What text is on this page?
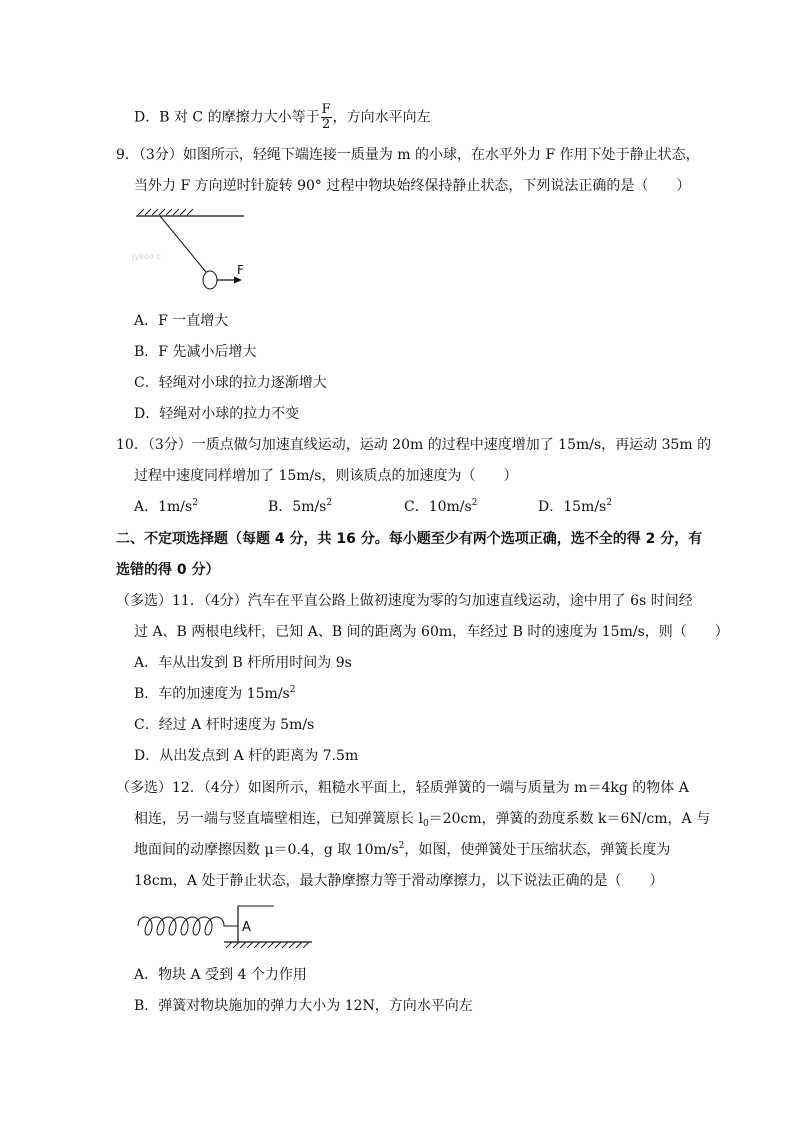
D．B 对 C 的摩擦力大小等于 $\frac{F}{2}$ ，方向水平向左
9．（3分）如图所示，轻绳下端连接一质量为 m 的小球，在水平外力 F 作用下处于静止状态，
当外力 F 方向逆时针旋转 90° 过程中物块始终保持静止状态，下列说法正确的是（　　）
F
jyeoo.c
A．F 一直增大
B．F 先减小后增大
C．轻绳对小球的拉力逐渐增大
D．轻绳对小球的拉力不变
10．（3分）一质点做匀加速直线运动，运动 20m 的过程中速度增加了 15m/s，再运动 35m 的
过程中速度同样增加了 15m/s，则该质点的加速度为（　　）
A．$1m/s^2$	B．$5m/s^2$	C．$10m/s^2$	D．$15m/s^2$
二、不定项选择题（每题 4 分，共 16 分。每小题至少有两个选项正确，选不全的得 2 分，有
选错的得 0 分）
（多选）11．（4分）汽车在平直公路上做初速度为零的匀加速直线运动，途中用了 6s 时间经
过 A、B 两根电线杆，已知 A、B 间的距离为 60m，车经过 B 时的速度为 15m/s，则（　　）
A．车从出发到 B 杆所用时间为 9s
B．车的加速度为 $15m/s^2$
C．经过 A 杆时速度为 5m/s
D．从出发点到 A 杆的距离为 7.5m
（多选）12．（4分）如图所示，粗糙水平面上，轻质弹簧的一端与质量为 m＝4kg 的物体 A
相连，另一端与竖直墙壁相连，已知弹簧原长 $l_0=20cm$，弹簧的劲度系数 k＝6N/cm，A 与
地面间的动摩擦因数 μ＝0.4，g 取 $10m/s^2$，如图，使弹簧处于压缩状态，弹簧长度为
18cm，A 处于静止状态，最大静摩擦力等于滑动摩擦力，以下说法正确的是（　　）
A
A．物块 A 受到 4 个力作用
B．弹簧对物块施加的弹力大小为 12N，方向水平向左
